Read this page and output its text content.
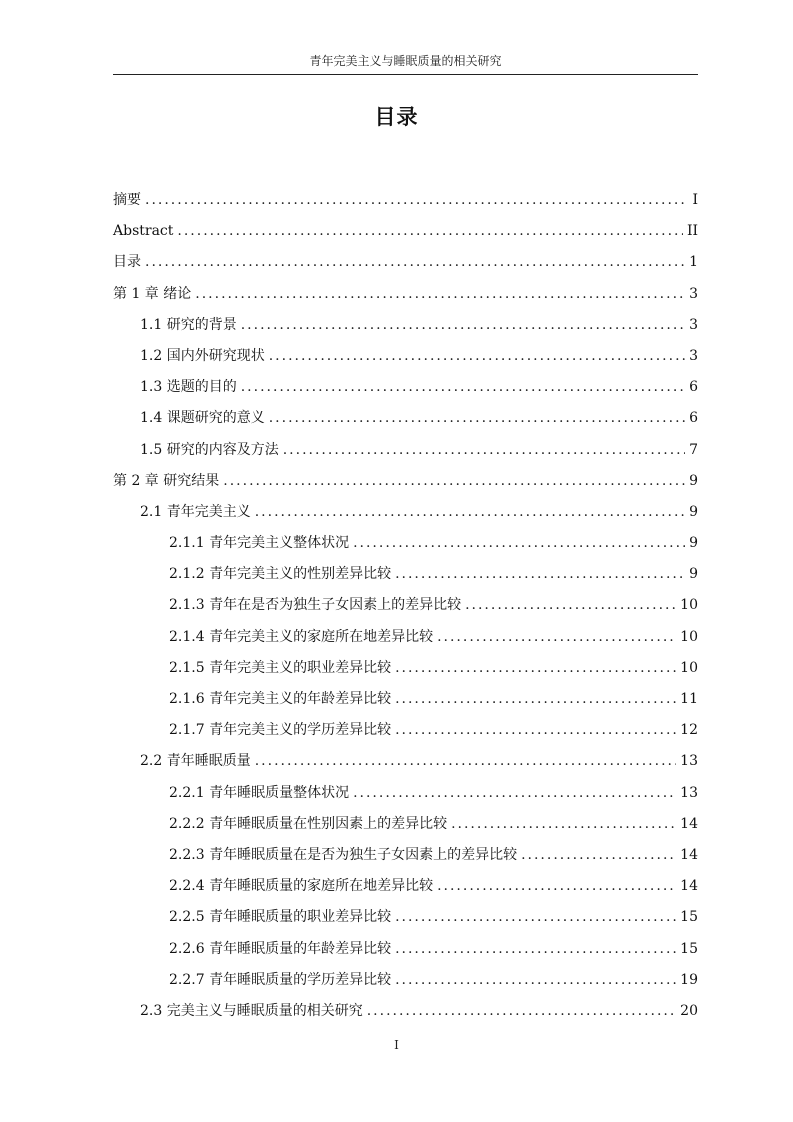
青年完美主义与睡眠质量的相关研究
目录
摘要 .....	I
Abstract .....	II
目录 .....	1
第 1 章 绪论 .....	3
1.1 研究的背景 .....	3
1.2 国内外研究现状 .....	3
1.3 选题的目的 .....	6
1.4 课题研究的意义 .....	6
1.5 研究的内容及方法 .....	7
第 2 章 研究结果 .....	9
2.1 青年完美主义 .....	9
2.1.1 青年完美主义整体状况 .....	9
2.1.2 青年完美主义的性别差异比较 .....	9
2.1.3 青年在是否为独生子女因素上的差异比较 .....	10
2.1.4 青年完美主义的家庭所在地差异比较 .....	10
2.1.5 青年完美主义的职业差异比较 .....	10
2.1.6 青年完美主义的年龄差异比较 .....	11
2.1.7 青年完美主义的学历差异比较 .....	12
2.2 青年睡眠质量 .....	13
2.2.1 青年睡眠质量整体状况 .....	13
2.2.2 青年睡眠质量在性别因素上的差异比较 .....	14
2.2.3 青年睡眠质量在是否为独生子女因素上的差异比较 .....	14
2.2.4 青年睡眠质量的家庭所在地差异比较 .....	14
2.2.5 青年睡眠质量的职业差异比较 .....	15
2.2.6 青年睡眠质量的年龄差异比较 .....	15
2.2.7 青年睡眠质量的学历差异比较 .....	19
2.3 完美主义与睡眠质量的相关研究 .....	20
I
